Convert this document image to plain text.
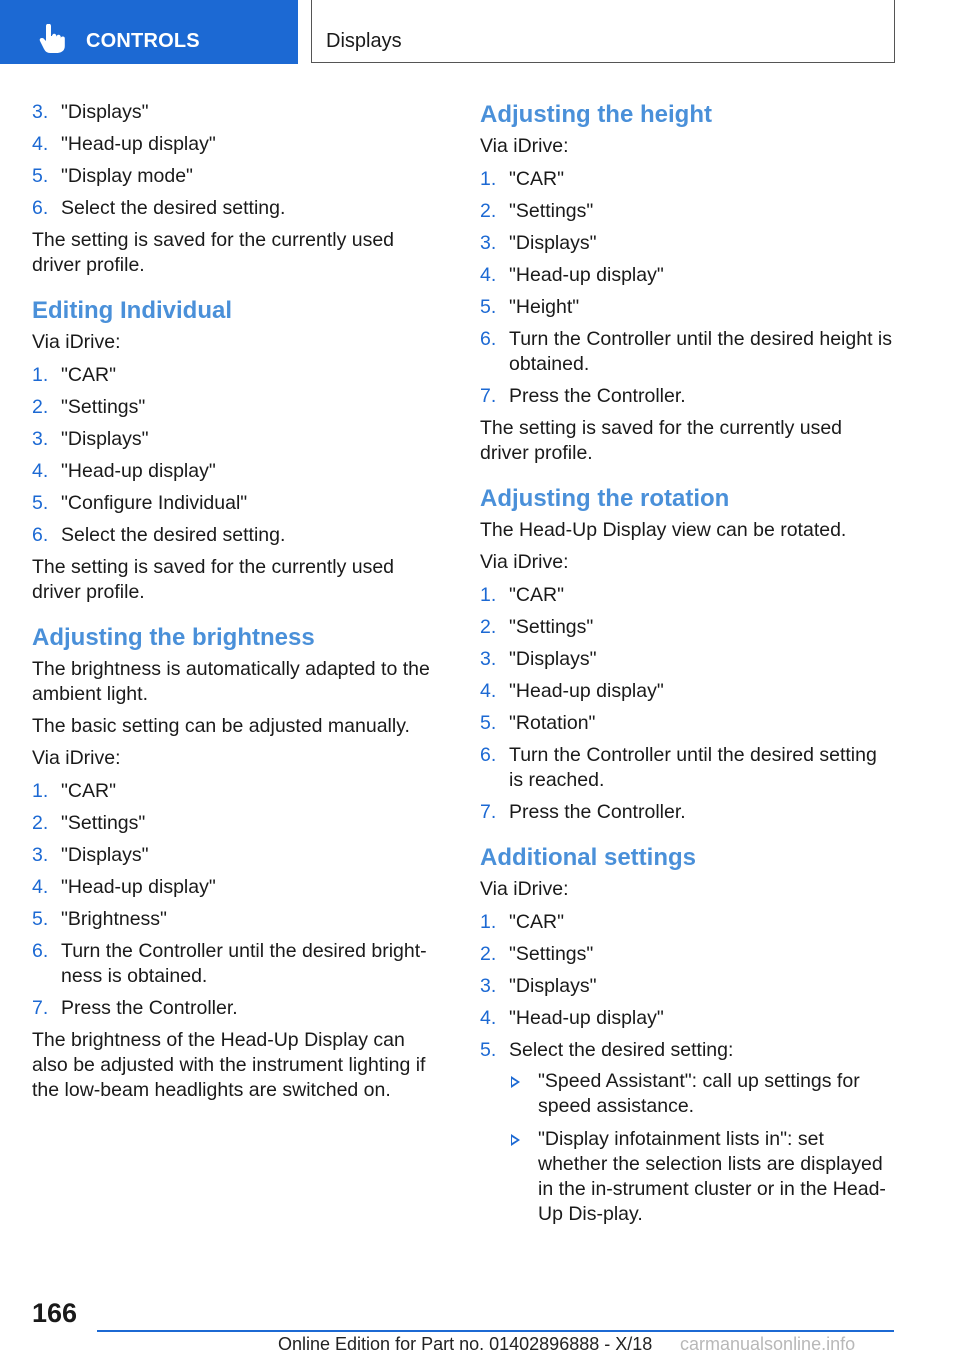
CONTROLS	Displays
3. "Displays"
4. "Head-up display"
5. "Display mode"
6. Select the desired setting.

The setting is saved for the currently used driver profile.

Editing Individual

Via iDrive:

1. "CAR"
2. "Settings"
3. "Displays"
4. "Head-up display"
5. "Configure Individual"
6. Select the desired setting.

The setting is saved for the currently used driver profile.

Adjusting the brightness

The brightness is automatically adapted to the ambient light.

The basic setting can be adjusted manually.

Via iDrive:

1. "CAR"
2. "Settings"
3. "Displays"
4. "Head-up display"
5. "Brightness"
6. Turn the Controller until the desired bright‐ness is obtained.
7. Press the Controller.

The brightness of the Head-Up Display can also be adjusted with the instrument lighting if the low-beam headlights are switched on.

Adjusting the height

Via iDrive:

1. "CAR"
2. "Settings"
3. "Displays"
4. "Head-up display"
5. "Height"
6. Turn the Controller until the desired height is obtained.
7. Press the Controller.

The setting is saved for the currently used driver profile.

Adjusting the rotation

The Head-Up Display view can be rotated.

Via iDrive:

1. "CAR"
2. "Settings"
3. "Displays"
4. "Head-up display"
5. "Rotation"
6. Turn the Controller until the desired setting is reached.
7. Press the Controller.
Additional settings

Via iDrive:

1. "CAR"
2. "Settings"
3. "Displays"
4. "Head-up display"
5. Select the desired setting:
"Speed Assistant": call up settings for speed assistance.
"Display infotainment lists in": set whether the selection lists are displayed in the in‐strument cluster or in the Head-Up Dis‐play.
166
Online Edition for Part no. 01402896888 - X/18 carmanualsonline.info
